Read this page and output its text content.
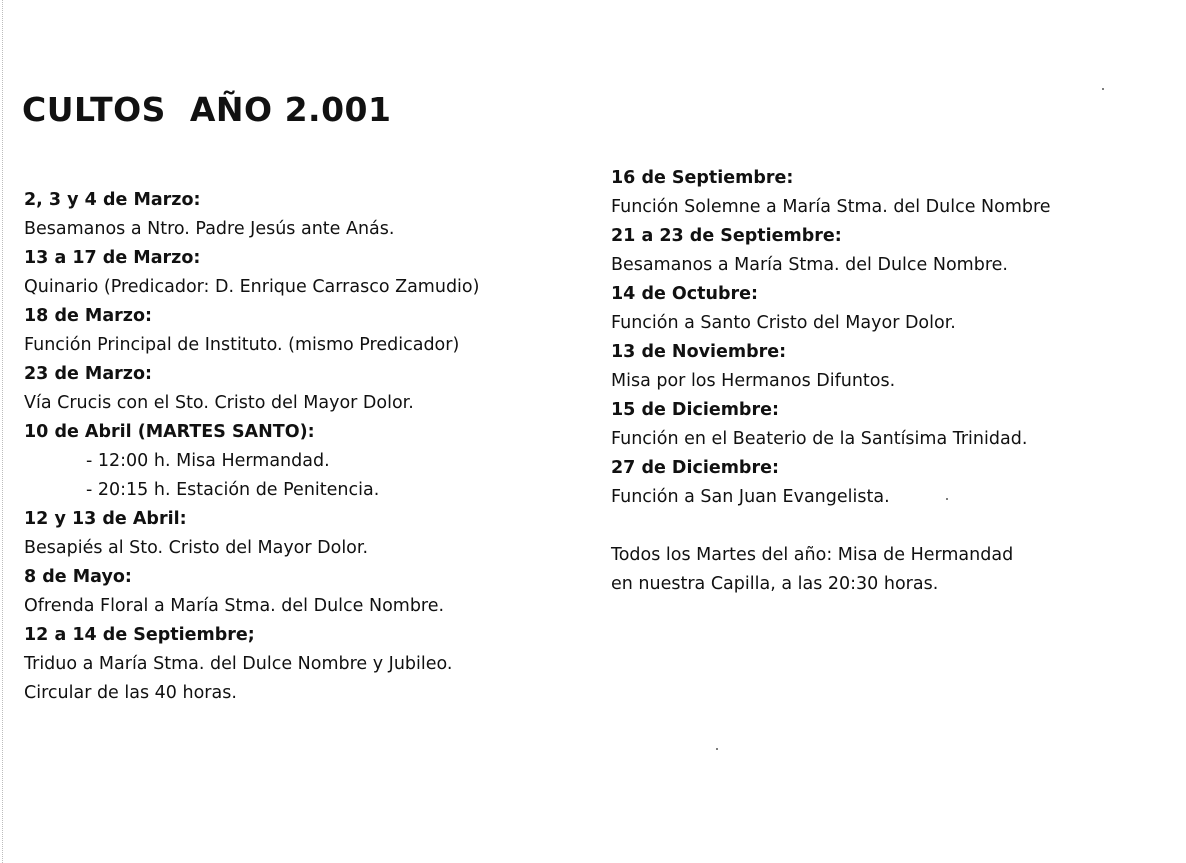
CULTOS  AÑO 2.001
2, 3 y 4 de Marzo:
Besamanos a Ntro. Padre Jesús ante Anás.
13 a 17 de Marzo:
Quinario (Predicador: D. Enrique Carrasco Zamudio)
18 de Marzo:
Función Principal de Instituto. (mismo Predicador)
23 de Marzo:
Vía Crucis con el Sto. Cristo del Mayor Dolor.
10 de Abril (MARTES SANTO):
- 12:00 h. Misa Hermandad.
- 20:15 h. Estación de Penitencia.
12 y 13 de Abril:
Besapiés al Sto. Cristo del Mayor Dolor.
8 de Mayo:
Ofrenda Floral a María Stma. del Dulce Nombre.
12 a 14 de Septiembre;
Triduo a María Stma. del Dulce Nombre y Jubileo.
Circular de las 40 horas.
16 de Septiembre:
Función Solemne a María Stma. del Dulce Nombre
21 a 23 de Septiembre:
Besamanos a María Stma. del Dulce Nombre.
14 de Octubre:
Función a Santo Cristo del Mayor Dolor.
13 de Noviembre:
Misa por los Hermanos Difuntos.
15 de Diciembre:
Función en el Beaterio de la Santísima Trinidad.
27 de Diciembre:
Función a San Juan Evangelista.
Todos los Martes del año: Misa de Hermandad
en nuestra Capilla, a las 20:30 horas.
